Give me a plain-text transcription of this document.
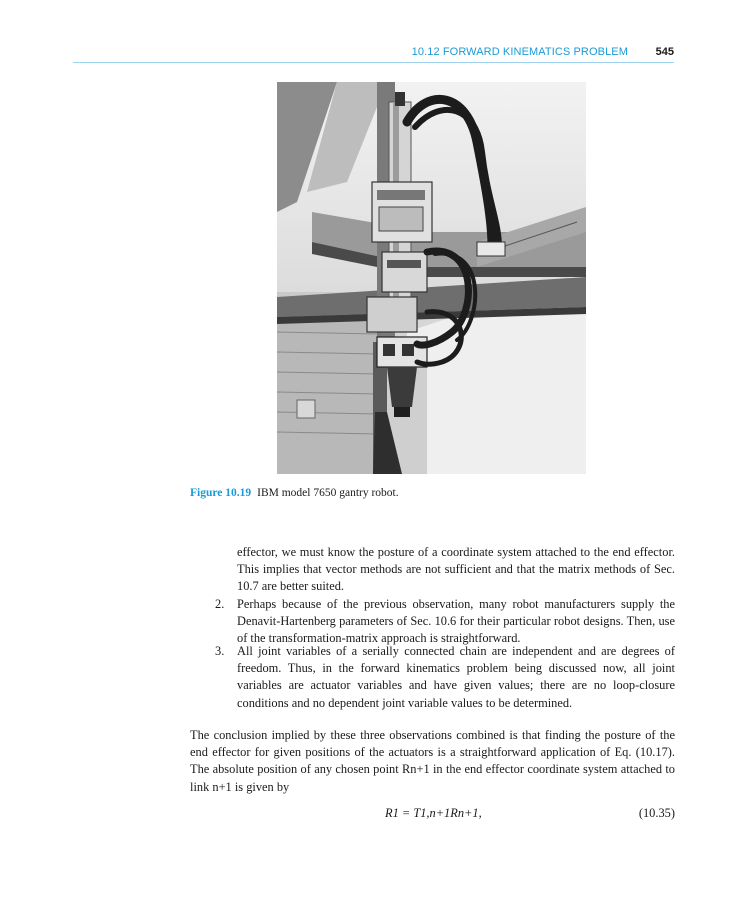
10.12 FORWARD KINEMATICS PROBLEM	545
Figure 10.19 IBM model 7650 gantry robot.
effector, we must know the posture of a coordinate system attached to the end effector. This implies that vector methods are not sufficient and that the matrix methods of Sec. 10.7 are better suited.
2. Perhaps because of the previous observation, many robot manufacturers supply the Denavit-Hartenberg parameters of Sec. 10.6 for their particular robot designs. Then, use of the transformation-matrix approach is straightforward.
3. All joint variables of a serially connected chain are independent and are degrees of freedom. Thus, in the forward kinematics problem being discussed now, all joint variables are actuator variables and have given values; there are no loop-closure conditions and no dependent joint variable values to be determined.
The conclusion implied by these three observations combined is that finding the posture of the end effector for given positions of the actuators is a straightforward application of Eq. (10.17). The absolute position of any chosen point Rn+1 in the end effector coordinate system attached to link n+1 is given by
R1 = T1,n+1Rn+1,	(10.35)
